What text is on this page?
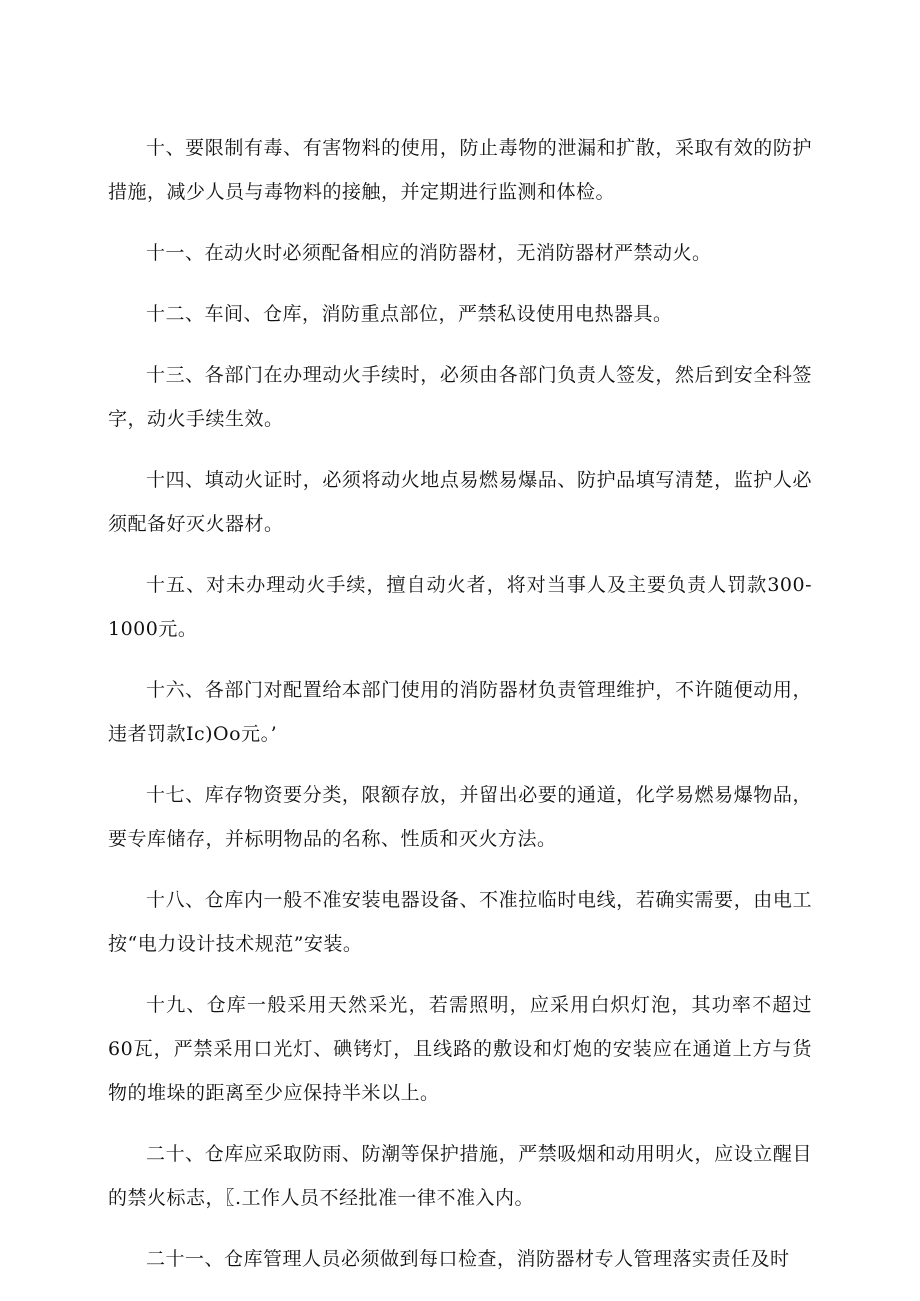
十、要限制有毒、有害物料的使用，防止毒物的泄漏和扩散，采取有效的防护措施，减少人员与毒物料的接触，并定期进行监测和体检。

十一、在动火时必须配备相应的消防器材，无消防器材严禁动火。

十二、车间、仓库，消防重点部位，严禁私设使用电热器具。

十三、各部门在办理动火手续时，必须由各部门负责人签发，然后到安全科签字，动火手续生效。

十四、填动火证时，必须将动火地点易燃易爆品、防护品填写清楚，监护人必须配备好灭火器材。

十五、对未办理动火手续，擅自动火者，将对当事人及主要负责人罚款300-1000元。

十六、各部门对配置给本部门使用的消防器材负责管理维护，不许随便动用，违者罚款Ic)Oo元。’

十七、库存物资要分类，限额存放，并留出必要的通道，化学易燃易爆物品，要专库储存，并标明物品的名称、性质和灭火方法。

十八、仓库内一般不准安装电器设备、不准拉临时电线，若确实需要，由电工按“电力设计技术规范”安装。

十九、仓库一般采用天然采光，若需照明，应采用白炽灯泡，其功率不超过60瓦，严禁采用口光灯、碘铐灯，且线路的敷设和灯炮的安装应在通道上方与货物的堆垛的距离至少应保持半米以上。

二十、仓库应采取防雨、防潮等保护措施，严禁吸烟和动用明火，应设立醒目的禁火标志，〖.工作人员不经批准一律不准入内。

二十一、仓库管理人员必须做到每口检查，消防器材专人管理落实责任及时
